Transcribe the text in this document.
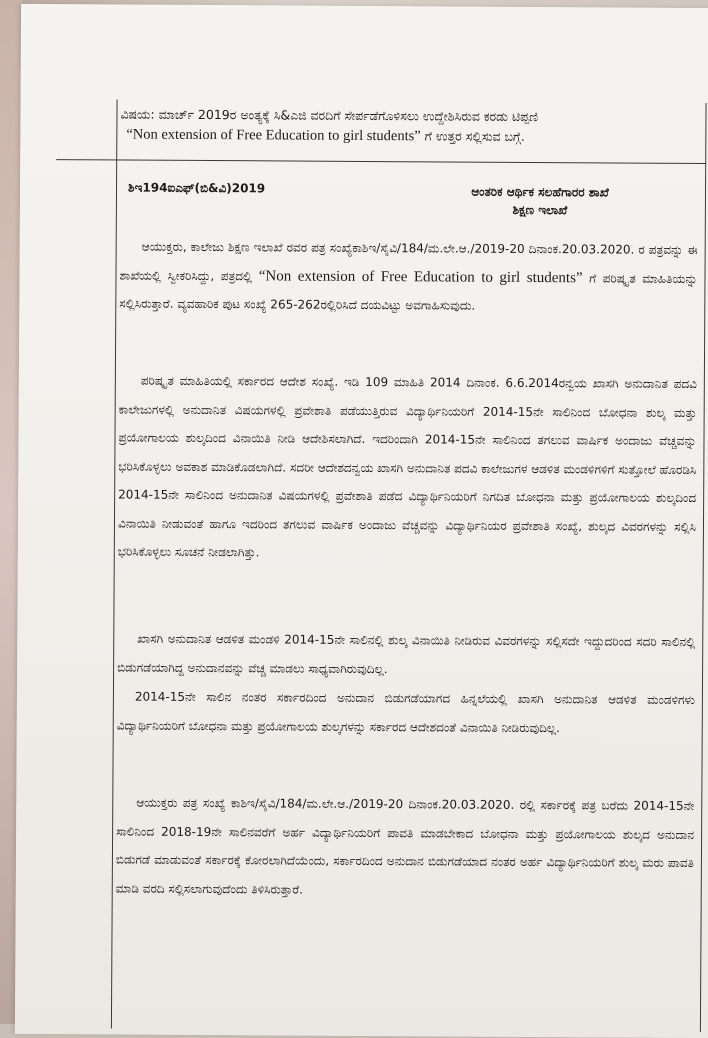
ವಿಷಯ: ಮಾರ್ಚ್ 2019ರ ಅಂತ್ಯಕ್ಕೆ ಸಿ&ಎಜಿ ವರದಿಗೆ ಸೇರ್ಪಡೆಗೊಳಿಸಲು ಉದ್ದೇಶಿಸಿರುವ ಕರಡು ಟಿಪ್ಪಣಿ
“Non extension of Free Education to girl students” ಗೆ ಉತ್ತರ ಸಲ್ಲಿಸುವ ಬಗ್ಗೆ.
ಶಿಇ194ಐಎಫ್(ಬಿ&ವಿ)2019	ಆಂತರಿಕ ಆರ್ಥಿಕ ಸಲಹೆಗಾರರ ಶಾಖೆ
ಶಿಕ್ಷಣ ಇಲಾಖೆ
ಆಯುಕ್ತರು, ಕಾಲೇಜು ಶಿಕ್ಷಣ ಇಲಾಖೆ ರವರ ಪತ್ರ ಸಂಖ್ಯೆಕಾಶಿಇ/ಸೈವಿ/184/ಮ.ಲೇ.ಆ./2019-20 ದಿನಾಂಕ.20.03.2020. ರ ಪತ್ರವನ್ನು ಈ ಶಾಖೆಯಲ್ಲಿ ಸ್ವೀಕರಿಸಿದ್ದು, ಪತ್ರದಲ್ಲಿ “Non extension of Free Education to girl students” ಗೆ ಪರಿಷ್ಕೃತ ಮಾಹಿತಿಯನ್ನು ಸಲ್ಲಿಸಿರುತ್ತಾರೆ. ವ್ಯವಹಾರಿಕ ಪುಟ ಸಂಖ್ಯೆ 265-262ರಲ್ಲಿರಿಸಿದೆ ದಯವಿಟ್ಟು ಅವಗಾಹಿಸುವುದು.
ಪರಿಷ್ಕೃತ ಮಾಹಿತಿಯಲ್ಲಿ ಸರ್ಕಾರದ ಆದೇಶ ಸಂಖ್ಯೆ. ಇಡಿ 109 ಮಾಹಿತಿ 2014 ದಿನಾಂಕ. 6.6.2014ರನ್ವಯ ಖಾಸಗಿ ಅನುದಾನಿತ ಪದವಿ ಕಾಲೇಜುಗಳಲ್ಲಿ ಅನುದಾನಿತ ವಿಷಯಗಳಲ್ಲಿ ಪ್ರವೇಶಾತಿ ಪಡೆಯುತ್ತಿರುವ ವಿದ್ಯಾರ್ಥಿನಿಯರಿಗೆ 2014-15ನೇ ಸಾಲಿನಿಂದ ಬೋಧನಾ ಶುಲ್ಕ ಮತ್ತು ಪ್ರಯೋಗಾಲಯ ಶುಲ್ಕದಿಂದ ವಿನಾಯಿತಿ ನೀಡಿ ಆದೇಶಿಸಲಾಗಿದೆ. ಇದರಿಂದಾಗಿ 2014-15ನೇ ಸಾಲಿನಿಂದ ತಗಲುವ ವಾರ್ಷಿಕ ಅಂದಾಜು ವೆಚ್ಚವನ್ನು ಭರಿಸಿಕೊಳ್ಳಲು ಅವಕಾಶ ಮಾಡಿಕೊಡಲಾಗಿದೆ. ಸದರೀ ಆದೇಶದನ್ವಯ ಖಾಸಗಿ ಅನುದಾನಿತ ಪದವಿ ಕಾಲೇಜುಗಳ ಆಡಳಿತ ಮಂಡಳಿಗಳಿಗೆ ಸುತ್ತೋಲೆ ಹೊರಡಿಸಿ 2014-15ನೇ ಸಾಲಿನಿಂದ ಅನುದಾನಿತ ವಿಷಯಗಳಲ್ಲಿ ಪ್ರವೇಶಾತಿ ಪಡೆದ ವಿದ್ಯಾರ್ಥಿನಿಯರಿಗೆ ನಿಗದಿತ ಬೋಧನಾ ಮತ್ತು ಪ್ರಯೋಗಾಲಯ ಶುಲ್ಕದಿಂದ ವಿನಾಯಿತಿ ನೀಡುವಂತೆ ಹಾಗೂ ಇದರಿಂದ ತಗಲುವ ವಾರ್ಷಿಕ ಅಂದಾಜು ವೆಚ್ಚವನ್ನು ವಿದ್ಯಾರ್ಥಿನಿಯರ ಪ್ರವೇಶಾತಿ ಸಂಖ್ಯೆ, ಶುಲ್ಕದ ವಿವರಗಳನ್ನು ಸಲ್ಲಿಸಿ ಭರಿಸಿಕೊಳ್ಳಲು ಸೂಚನೆ ನೀಡಲಾಗಿತ್ತು.
ಖಾಸಗಿ ಅನುದಾನಿತ ಆಡಳಿತ ಮಂಡಳಿ 2014-15ನೇ ಸಾಲಿನಲ್ಲಿ ಶುಲ್ಕ ವಿನಾಯಿತಿ ನೀಡಿರುವ ವಿವರಗಳನ್ನು ಸಲ್ಲಿಸದೇ ಇದ್ದುದರಿಂದ ಸದರಿ ಸಾಲಿನಲ್ಲಿ ಬಿಡುಗಡೆಯಾಗಿದ್ದ ಅನುದಾನವನ್ನು ವೆಚ್ಚ ಮಾಡಲು ಸಾಧ್ಯವಾಗಿರುವುದಿಲ್ಲ.
2014-15ನೇ ಸಾಲಿನ ನಂತರ ಸರ್ಕಾರದಿಂದ ಅನುದಾನ ಬಿಡುಗಡೆಯಾಗದ ಹಿನ್ನಲೆಯಲ್ಲಿ ಖಾಸಗಿ ಅನುದಾನಿತ ಆಡಳಿತ ಮಂಡಳಿಗಳು ವಿದ್ಯಾರ್ಥಿನಿಯರಿಗೆ ಬೋಧನಾ ಮತ್ತು ಪ್ರಯೋಗಾಲಯ ಶುಲ್ಕಗಳನ್ನು ಸರ್ಕಾರದ ಆದೇಶದಂತೆ ವಿನಾಯಿತಿ ನೀಡಿರುವುದಿಲ್ಲ.
ಆಯುಕ್ತರು ಪತ್ರ ಸಂಖ್ಯೆ ಕಾಶಿಇ/ಸೈವಿ/184/ಮ.ಲೇ.ಆ./2019-20 ದಿನಾಂಕ.20.03.2020. ರಲ್ಲಿ ಸರ್ಕಾರಕ್ಕೆ ಪತ್ರ ಬರೆದು 2014-15ನೇ ಸಾಲಿನಿಂದ 2018-19ನೇ ಸಾಲಿನವರೆಗೆ ಅರ್ಹ ವಿದ್ಯಾರ್ಥಿನಿಯರಿಗೆ ಪಾವತಿ ಮಾಡಬೇಕಾದ ಬೋಧನಾ ಮತ್ತು ಪ್ರಯೋಗಾಲಯ ಶುಲ್ಕದ ಅನುದಾನ ಬಿಡುಗಡೆ ಮಾಡುವಂತೆ ಸರ್ಕಾರಕ್ಕೆ ಕೋರಲಾಗಿದೆಯೆಂದು, ಸರ್ಕಾರದಿಂದ ಅನುದಾನ ಬಿಡುಗಡೆಯಾದ ನಂತರ ಅರ್ಹ ವಿದ್ಯಾರ್ಥಿನಿಯರಿಗೆ ಶುಲ್ಕ ಮರು ಪಾವತಿ ಮಾಡಿ ವರದಿ ಸಲ್ಲಿಸಲಾಗುವುದೆಂದು ತಿಳಿಸಿರುತ್ತಾರೆ.
